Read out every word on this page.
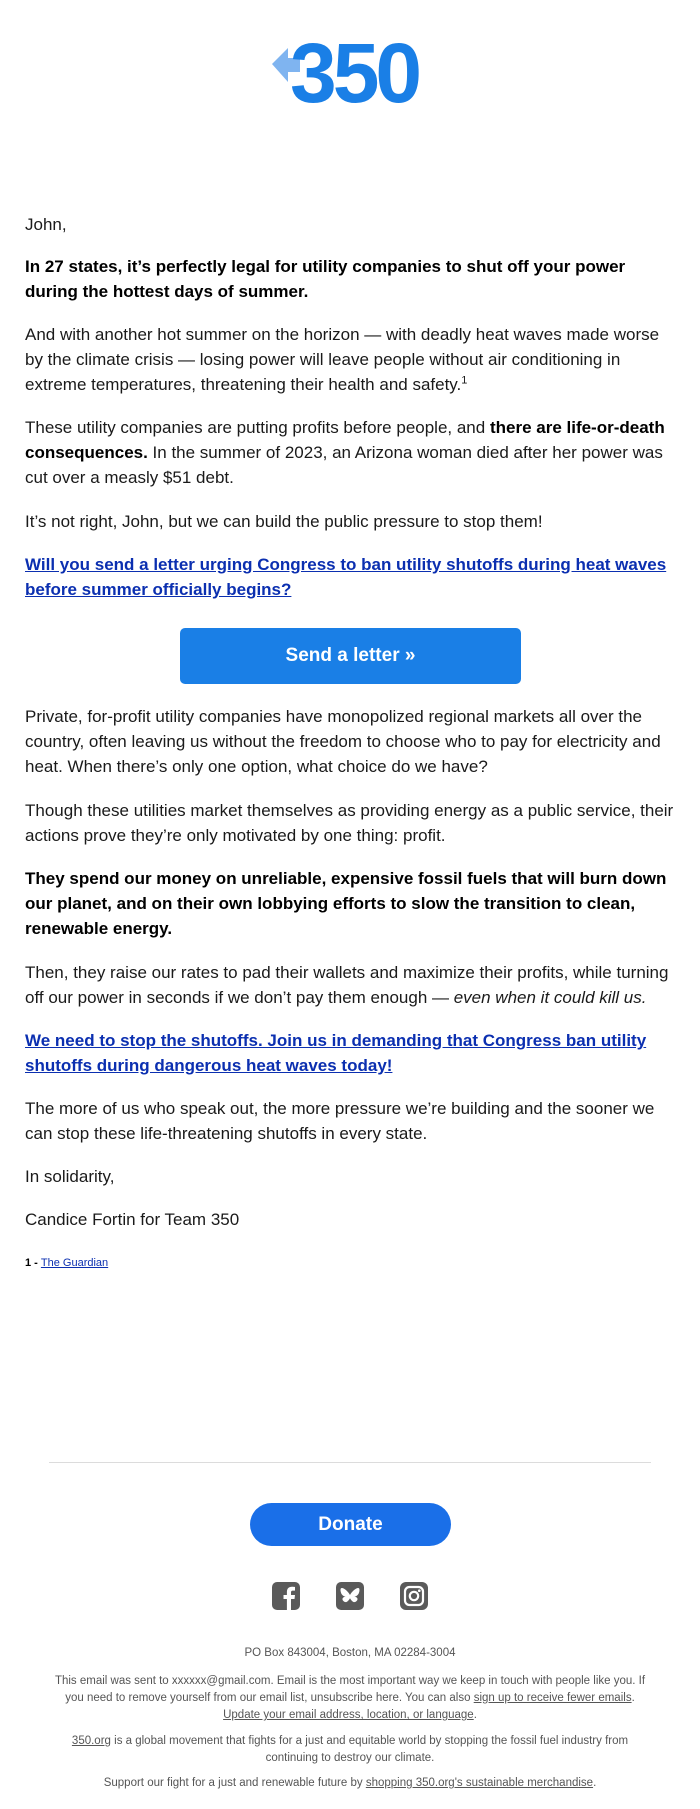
350

John,

In 27 states, it’s perfectly legal for utility companies to shut off your power during the hottest days of summer.

And with another hot summer on the horizon — with deadly heat waves made worse by the climate crisis — losing power will leave people without air conditioning in extreme temperatures, threatening their health and safety.$^1$

These utility companies are putting profits before people, and there are life-or-death consequences. In the summer of 2023, an Arizona woman died after her power was cut over a measly $51 debt.

It’s not right, John, but we can build the public pressure to stop them!

Will you send a letter urging Congress to ban utility shutoffs during heat waves before summer officially begins?

Send a letter »

Private, for-profit utility companies have monopolized regional markets all over the country, often leaving us without the freedom to choose who to pay for electricity and heat. When there’s only one option, what choice do we have?

Though these utilities market themselves as providing energy as a public service, their actions prove they’re only motivated by one thing: profit.

They spend our money on unreliable, expensive fossil fuels that will burn down our planet, and on their own lobbying efforts to slow the transition to clean, renewable energy.

Then, they raise our rates to pad their wallets and maximize their profits, while turning off our power in seconds if we don’t pay them enough — even when it could kill us.

We need to stop the shutoffs. Join us in demanding that Congress ban utility shutoffs during dangerous heat waves today!

The more of us who speak out, the more pressure we’re building and the sooner we can stop these life-threatening shutoffs in every state.

In solidarity,

Candice Fortin for Team 350

1 - The Guardian
Donate
PO Box 843004, Boston, MA 02284-3004
This email was sent to xxxxxx@gmail.com. Email is the most important way we keep in touch with people like you. If you need to remove yourself from our email list, unsubscribe here. You can also sign up to receive fewer emails. Update your email address, location, or language.
350.org is a global movement that fights for a just and equitable world by stopping the fossil fuel industry from continuing to destroy our climate.
Support our fight for a just and renewable future by shopping 350.org's sustainable merchandise.
